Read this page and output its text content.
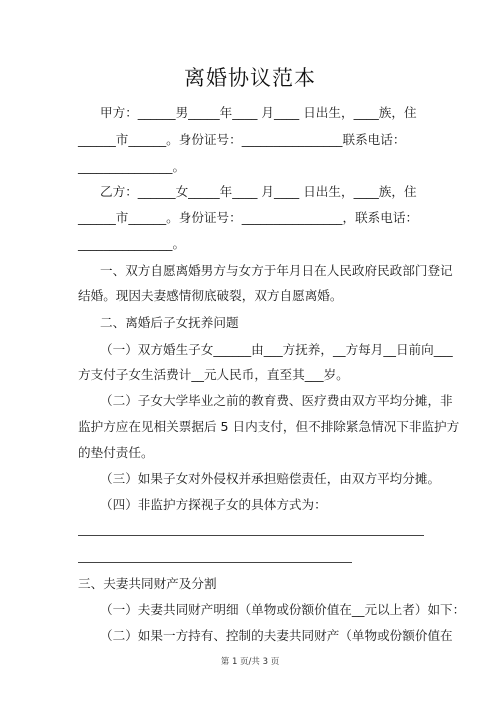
离婚协议范本
甲方：______男_____年____ 月____ 日出生，____族，住
______市______。身份证号：________________联系电话：
_______________。
乙方：______女_____年____ 月____ 日出生，____族，住
______市______。身份证号：________________，联系电话：
_______________。
一、双方自愿离婚男方与女方于年月日在人民政府民政部门登记
结婚。现因夫妻感情彻底破裂，双方自愿离婚。
二、离婚后子女抚养问题
（一）双方婚生子女______由___方抚养，__方每月__日前向___
方支付子女生活费计__元人民币，直至其___岁。
（二）子女大学毕业之前的教育费、医疗费由双方平均分摊，非
监护方应在见相关票据后 5 日内支付，但不排除紧急情况下非监护方
的垫付责任。
（三）如果子女对外侵权并承担赔偿责任，由双方平均分摊。
（四）非监护方探视子女的具体方式为：
三、夫妻共同财产及分割
（一）夫妻共同财产明细（单物或份额价值在__元以上者）如下：
（二）如果一方持有、控制的夫妻共同财产（单物或份额价值在
第 1 页/共 3 页
